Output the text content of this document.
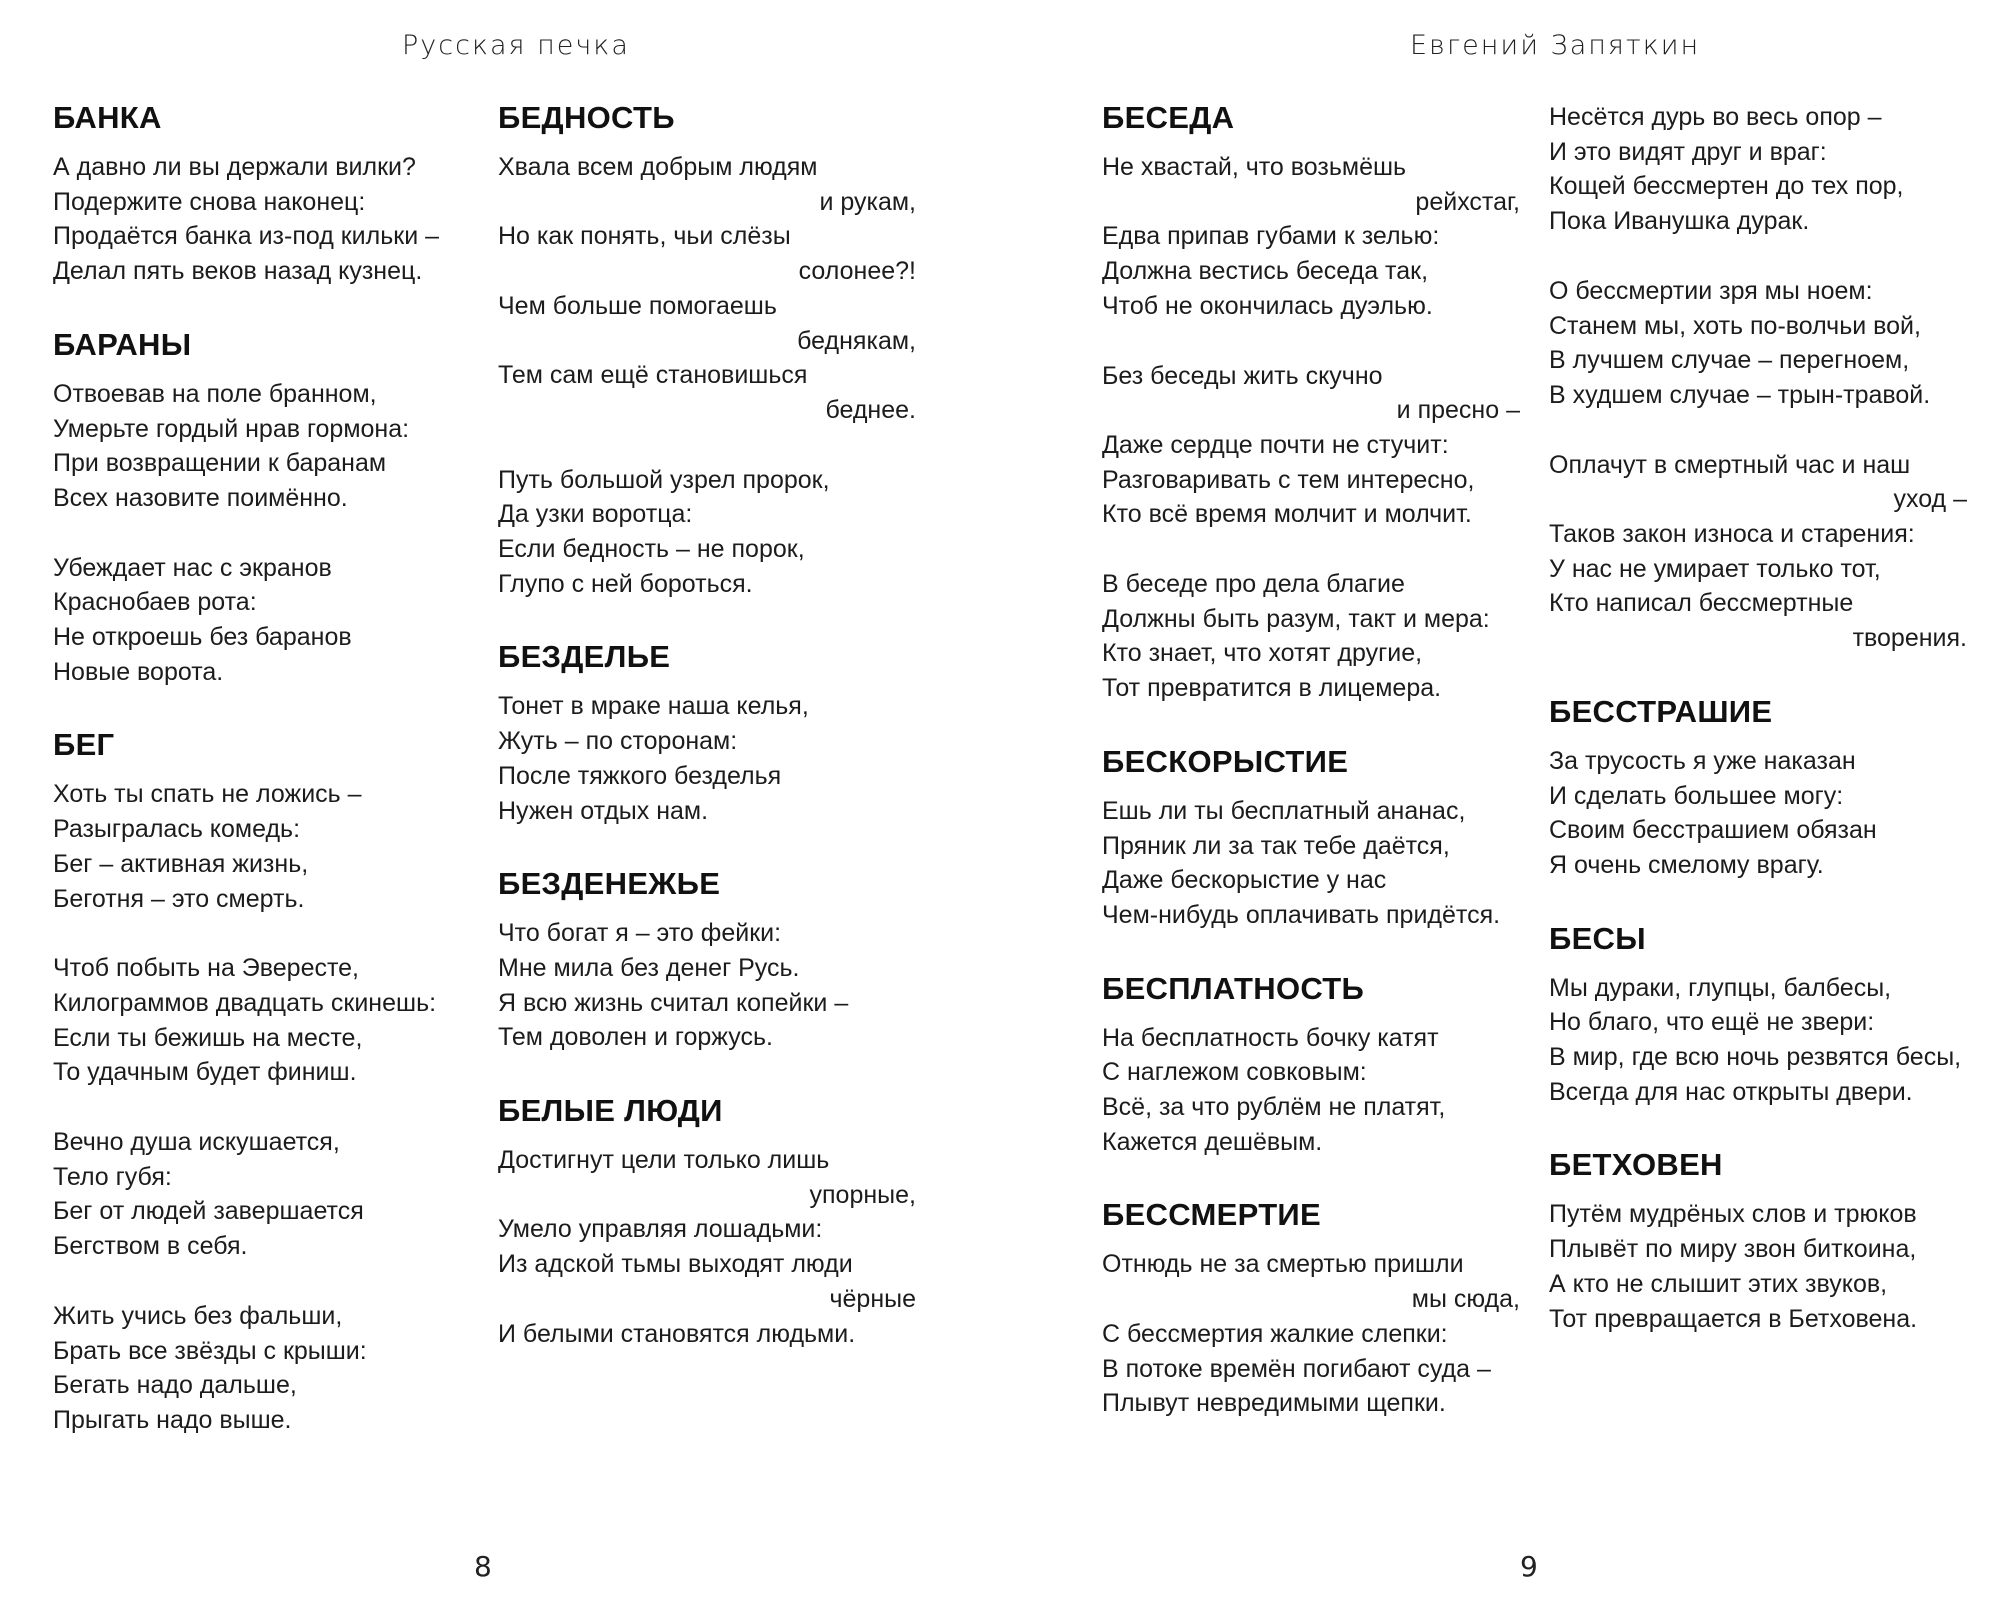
Русская печка	Евгений Запяткин
БАНКА
А давно ли вы держали вилки?
Подержите снова наконец:
Продаётся банка из-под кильки –
Делал пять веков назад кузнец.
БАРАНЫ
Отвоевав на поле бранном,
Умерьте гордый нрав гормона:
При возвращении к баранам
Всех назовите поимённо.
Убеждает нас с экранов
Краснобаев рота:
Не откроешь без баранов
Новые ворота.
БЕГ
Хоть ты спать не ложись –
Разыгралась комедь:
Бег – активная жизнь,
Беготня – это смерть.
Чтоб побыть на Эвересте,
Килограммов двадцать скинешь:
Если ты бежишь на месте,
То удачным будет финиш.
Вечно душа искушается,
Тело губя:
Бег от людей завершается
Бегством в себя.
Жить учись без фальши,
Брать все звёзды с крыши:
Бегать надо дальше,
Прыгать надо выше.
БЕДНОСТЬ
Хвала всем добрым людям
и рукам,
Но как понять, чьи слёзы
солонее?!
Чем больше помогаешь
беднякам,
Тем сам ещё становишься
беднее.
Путь большой узрел пророк,
Да узки воротца:
Если бедность – не порок,
Глупо с ней бороться.
БЕЗДЕЛЬЕ
Тонет в мраке наша келья,
Жуть – по сторонам:
После тяжкого безделья
Нужен отдых нам.
БЕЗДЕНЕЖЬЕ
Что богат я – это фейки:
Мне мила без денег Русь.
Я всю жизнь считал копейки –
Тем доволен и горжусь.
БЕЛЫЕ ЛЮДИ
Достигнут цели только лишь
упорные,
Умело управляя лошадьми:
Из адской тьмы выходят люди
чёрные
И белыми становятся людьми.
БЕСЕДА
Не хвастай, что возьмёшь
рейхстаг,
Едва припав губами к зелью:
Должна вестись беседа так,
Чтоб не окончилась дуэлью.
Без беседы жить скучно
и пресно –
Даже сердце почти не стучит:
Разговаривать с тем интересно,
Кто всё время молчит и молчит.
В беседе про дела благие
Должны быть разум, такт и мера:
Кто знает, что хотят другие,
Тот превратится в лицемера.
БЕСКОРЫСТИЕ
Ешь ли ты бесплатный ананас,
Пряник ли за так тебе даётся,
Даже бескорыстие у нас
Чем-нибудь оплачивать придётся.
БЕСПЛАТНОСТЬ
На бесплатность бочку катят
С наглежом совковым:
Всё, за что рублём не платят,
Кажется дешёвым.
БЕССМЕРТИЕ
Отнюдь не за смертью пришли
мы сюда,
С бессмертия жалкие слепки:
В потоке времён погибают суда –
Плывут невредимыми щепки.
Несётся дурь во весь опор –
И это видят друг и враг:
Кощей бессмертен до тех пор,
Пока Иванушка дурак.
О бессмертии зря мы ноем:
Станем мы, хоть по-волчьи вой,
В лучшем случае – перегноем,
В худшем случае – трын-травой.
Оплачут в смертный час и наш
уход –
Таков закон износа и старения:
У нас не умирает только тот,
Кто написал бессмертные
творения.
БЕССТРАШИЕ
За трусость я уже наказан
И сделать большее могу:
Своим бесстрашием обязан
Я очень смелому врагу.
БЕСЫ
Мы дураки, глупцы, балбесы,
Но благо, что ещё не звери:
В мир, где всю ночь резвятся бесы,
Всегда для нас открыты двери.
БЕТХОВЕН
Путём мудрёных слов и трюков
Плывёт по миру звон биткоина,
А кто не слышит этих звуков,
Тот превращается в Бетховена.
8	9
